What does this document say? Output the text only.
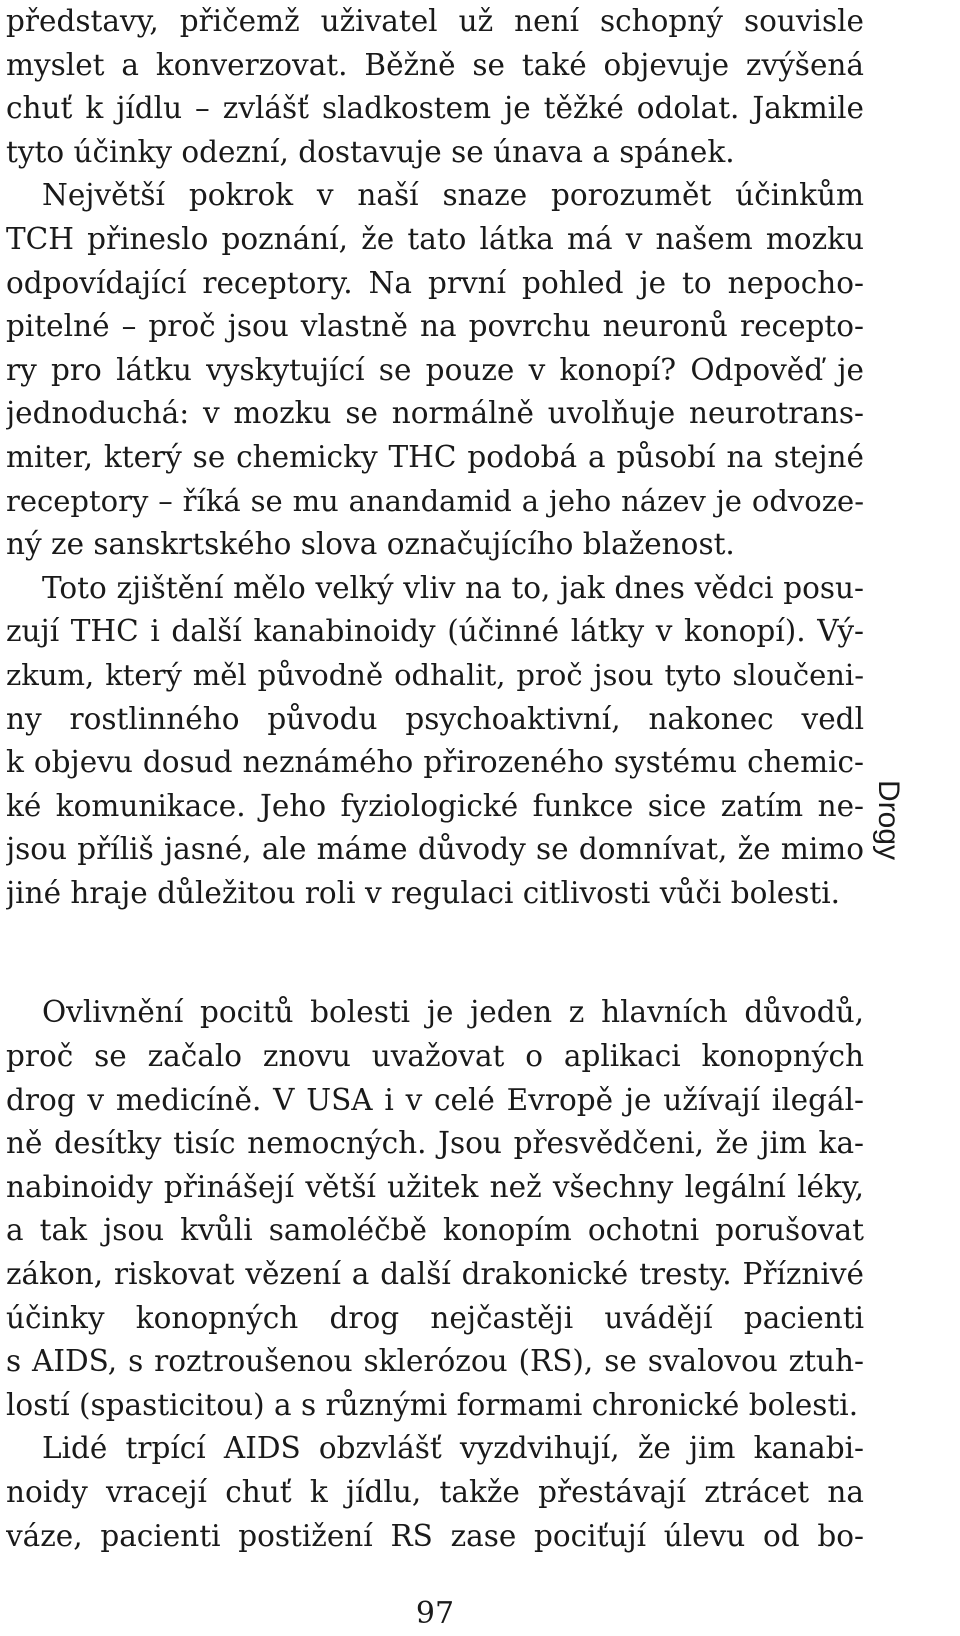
představy, přičemž uživatel už není schopný souvisle
myslet a konverzovat. Běžně se také objevuje zvýšená
chuť k jídlu – zvlášť sladkostem je těžké odolat. Jakmile
tyto účinky odezní, dostavuje se únava a spánek.

Největší pokrok v naší snaze porozumět účinkům
TCH přineslo poznání, že tato látka má v našem mozku
odpovídající receptory. Na první pohled je to nepocho-
pitelné – proč jsou vlastně na povrchu neuronů recepto-
ry pro látku vyskytující se pouze v konopí? Odpověď je
jednoduchá: v mozku se normálně uvolňuje neurotrans-
miter, který se chemicky THC podobá a působí na stejné
receptory – říká se mu anandamid a jeho název je odvoze-
ný ze sanskrtského slova označujícího blaženost.

Toto zjištění mělo velký vliv na to, jak dnes vědci posu-
zují THC i další kanabinoidy (účinné látky v konopí). Vý-
zkum, který měl původně odhalit, proč jsou tyto sloučeni-
ny rostlinného původu psychoaktivní, nakonec vedl
k objevu dosud neznámého přirozeného systému chemic-
ké komunikace. Jeho fyziologické funkce sice zatím ne-
jsou příliš jasné, ale máme důvody se domnívat, že mimo
jiné hraje důležitou roli v regulaci citlivosti vůči bolesti.

Ovlivnění pocitů bolesti je jeden z hlavních důvodů,
proč se začalo znovu uvažovat o aplikaci konopných
drog v medicíně. V USA i v celé Evropě je užívají ilegál-
ně desítky tisíc nemocných. Jsou přesvědčeni, že jim ka-
nabinoidy přinášejí větší užitek než všechny legální léky,
a tak jsou kvůli samoléčbě konopím ochotni porušovat
zákon, riskovat vězení a další drakonické tresty. Příznivé
účinky konopných drog nejčastěji uvádějí pacienti
s AIDS, s roztroušenou sklerózou (RS), se svalovou ztuh-
lostí (spasticitou) a s různými formami chronické bolesti.

Lidé trpící AIDS obzvlášť vyzdvihují, že jim kanabi-
noidy vracejí chuť k jídlu, takže přestávají ztrácet na
váze, pacienti postižení RS zase pociťují úlevu od bo-

Drogy
97
